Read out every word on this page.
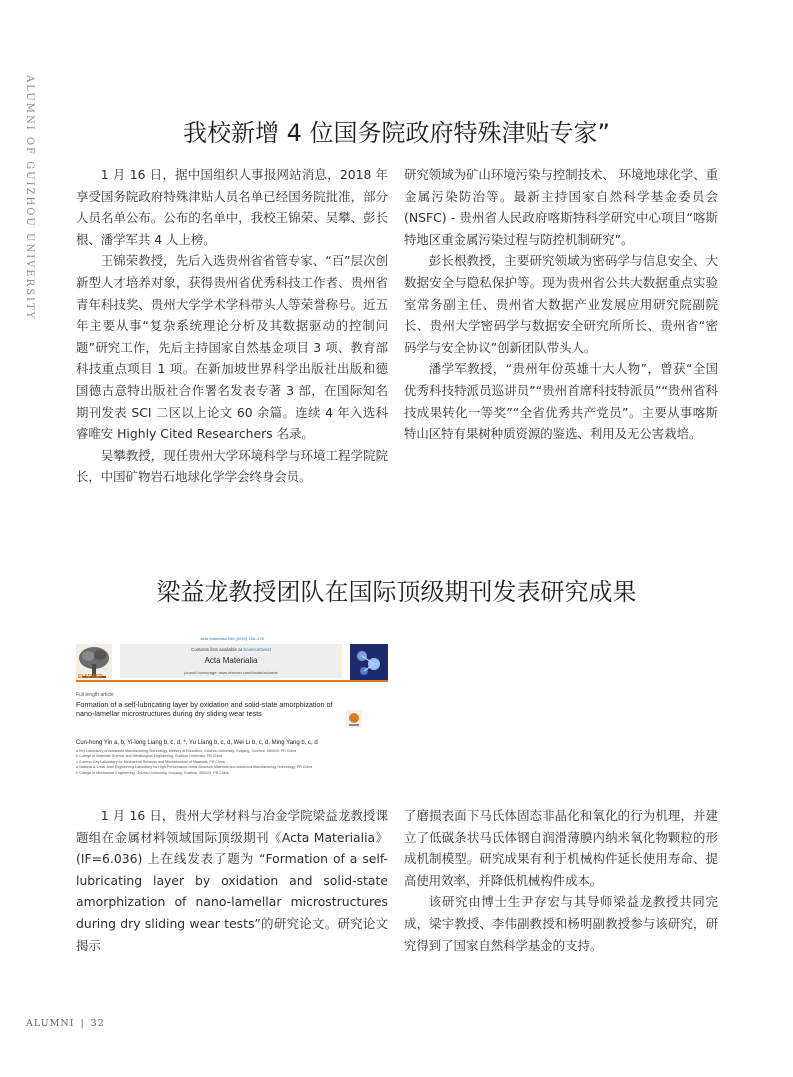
ALUMNI OF GUIZHOU UNIVERSITY	我校新增 4 位国务院政府特殊津贴专家”

1 月 16 日，据中国组织人事报网站消息，2018 年享受国务院政府特殊津贴人员名单已经国务院批准，部分人员名单公布。公布的名单中，我校王锦荣、吴攀、彭长根、潘学军共 4 人上榜。

王锦荣教授，先后入选贵州省省管专家、“百”层次创新型人才培养对象，获得贵州省优秀科技工作者、贵州省青年科技奖、贵州大学学术学科带头人等荣誉称号。近五年主要从事“复杂系统理论分析及其数据驱动的控制问题”研究工作，先后主持国家自然基金项目 3 项、教育部科技重点项目 1 项。在新加坡世界科学出版社出版和德国德古意特出版社合作署名发表专著 3 部，在国际知名期刊发表 SCI 二区以上论文 60 余篇。连续 4 年入选科睿唯安 Highly Cited Researchers 名录。

吴攀教授，现任贵州大学环境科学与环境工程学院院长，中国矿物岩石地球化学学会终身会员。

研究领域为矿山环境污染与控制技术、 环境地球化学、重金属污染防治等。最新主持国家自然科学基金委员会 (NSFC) - 贵州省人民政府喀斯特科学研究中心项目“喀斯特地区重金属污染过程与防控机制研究”。

彭长根教授，主要研究领域为密码学与信息安全、大数据安全与隐私保护等。现为贵州省公共大数据重点实验室常务副主任、贵州省大数据产业发展应用研究院副院长、贵州大学密码学与数据安全研究所所长、贵州省“密码学与安全协议”创新团队带头人。

潘学军教授，“贵州年份英雄十大人物”，曾获“全国优秀科技特派员巡讲员”“贵州首席科技特派员”“贵州省科技成果转化一等奖”“全省优秀共产党员”。主要从事喀斯特山区特有果树种质资源的鉴选、利用及无公害栽培。

梁益龙教授团队在国际顶级期刊发表研究成果
Acta Materialia 166 (2019) 168–178
Contents lists available at ScienceDirect
Acta Materialia
journal homepage: www.elsevier.com/locate/actamat
ELSEVIER
Full length article
Formation of a self-lubricating layer by oxidation and solid-state amorphization of nano-lamellar microstructures during dry sliding wear tests
Cun-hong Yin a, b, Yi-long Liang b, c, d, *, Yu Liang b, c, d, Wei Li b, c, d, Ming Yang b, c, d
a Key Laboratory of Advanced Manufacturing Technology, Ministry of Education, Guizhou University, Guiyang, Guizhou, 550025, PR China
b College of Materials Science and Metallurgical Engineering, Guizhou University, PR China
c Guizhou Key Laboratory for Mechanical Behavior and Microstructure of Materials, PR China
d National & Local Joint Engineering Laboratory for High-Performance Metal Structure Materials and Advanced Manufacturing Technology, PR China
e College of Mechanical Engineering, Guizhou University, Guiyang, Guizhou, 550025, PR China

1 月 16 日，贵州大学材料与冶金学院梁益龙教授课题组在金属材料领域国际顶级期刊《Acta Materialia》(IF=6.036) 上在线发表了题为 “Formation of a self-lubricating layer by oxidation and solid-state amorphization of nano-lamellar microstructures during dry sliding wear tests”的研究论文。研究论文揭示

了磨损表面下马氏体固态非晶化和氧化的行为机理，并建立了低碳条状马氏体钢自润滑薄膜内纳米氧化物颗粒的形成机制模型。研究成果有利于机械构件延长使用寿命、提高使用效率，并降低机械构件成本。

该研究由博士生尹存宏与其导师梁益龙教授共同完成，梁宇教授、李伟副教授和杨明副教授参与该研究，研究得到了国家自然科学基金的支持。

ALUMNI | 32
